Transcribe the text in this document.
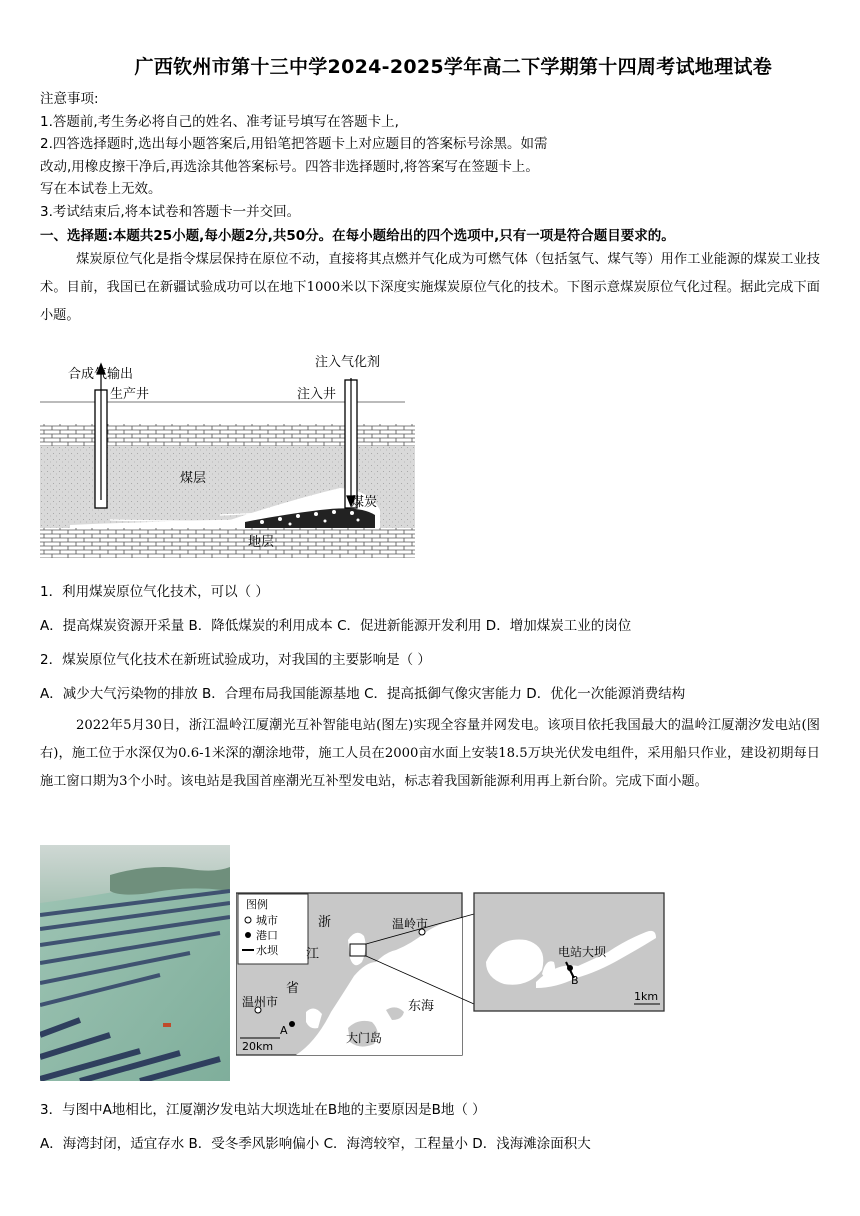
广西钦州市第十三中学2024-2025学年高二下学期第十四周考试地理试卷
注意事项:
1.答题前,考生务必将自己的姓名、准考证号填写在答题卡上,
2.四答选择题时,选出每小题答案后,用铅笔把答题卡上对应题目的答案标号涂黑。如需
改动,用橡皮擦干净后,再选涂其他答案标号。四答非选择题时,将答案写在签题卡上。
写在本试卷上无效。
3.考试结束后,将本试卷和答题卡一并交回。
一、选择题:本题共25小题,每小题2分,共50分。在每小题给出的四个选项中,只有一项是符合题目要求的。
煤炭原位气化是指令煤层保持在原位不动，直接将其点燃并气化成为可燃气体（包括氢气、煤气等）用作工业能源的煤炭工业技术。目前，我国已在新疆试验成功可以在地下1000米以下深度实施煤炭原位气化的技术。下图示意煤炭原位气化过程。据此完成下面小题。
合成气输出
生产井
注入气化剂
注入井
煤层
煤炭
地层
1．利用煤炭原位气化技术，可以（ ）
A．提高煤炭资源开采量 B．降低煤炭的利用成本 C．促进新能源开发利用 D．增加煤炭工业的岗位
2．煤炭原位气化技术在新班试验成功，对我国的主要影响是（ ）
A．减少大气污染物的排放 B．合理布局我国能源基地 C．提高抵御气像灾害能力 D．优化一次能源消费结构
2022年5月30日，浙江温岭江厦潮光互补智能电站(图左)实现全容量并网发电。该项目依托我国最大的温岭江厦潮汐发电站(图右)，施工位于水深仅为0.6-1米深的潮涂地带，施工人员在2000亩水面上安装18.5万块光伏发电组件，采用船只作业，建设初期每日施工窗口期为3个小时。该电站是我国首座潮光互补型发电站，标志着我国新能源利用再上新台阶。完成下面小题。
图例
城市
港口
水坝
浙
江
省
温岭市
温州市	东海
大门岛
A
20km
电站大坝
B
1km
3．与图中A地相比，江厦潮汐发电站大坝选址在B地的主要原因是B地（ ）
A．海湾封闭，适宜存水 B．受冬季风影响偏小 C．海湾较窄，工程量小 D．浅海滩涂面积大
